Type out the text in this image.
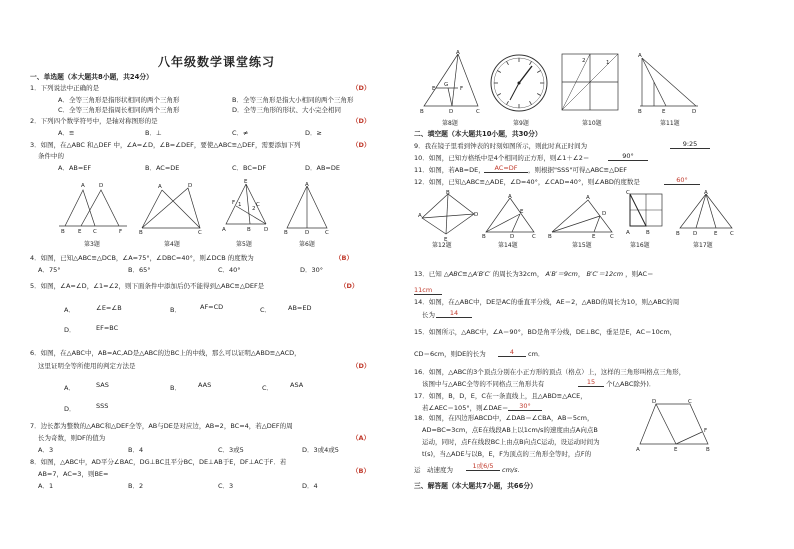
八年级数学课堂练习
一、单选题（本大题共8小题，共24分）
1．下列说法中正确的是	（D）
A．全等三角形是指形状相同的两个三角形	B．全等三角形是指大小相同的两个三角形
C．全等三角形是指周长相同的两个三角形	D．全等三角形的形状、大小完全相同
2．下列四个数学符号中，是轴对称图形的是	（D）
A．≌	B．⊥	C．≠	D．≥
3．如图，在△ABC 和△DEF 中，∠A=∠D，∠B=∠DEF，要使△ABC≌△DEF，需要添加下列	（D）
条件中的
A．AB=EF	B．AC=DE	C．BC=DF	D．AB=DE
A	D
B E C	F
A	D
B	C
E
F 1
2
C
A	B D
A
B	D	C
第3题	第4题	第5题	第6题
4．如图，已知△ABC≌△DCB，∠A=75°，∠DBC=40°，则∠DCB 的度数为	（B）
A．75°	B．65°	C．40°	D．30°
5．如图，∠A=∠D，∠1=∠2，则下面条件中添加后仍不能得到△ABC≌△DEF是	（D）
A．	∠E=∠B	B．	AF=CD	C．	AB=ED
D．	EF=BC
6．如图，在△ABC中，AB=AC,AD是△ABC的边BC上的中线，那么可以证明△ABD≌△ACD，
这里证明全等所使用的判定方法是	（D）
A．	SAS	B．	AAS	C．	ASA
D．	SSS
7．边长都为整数的△ABC和△DEF全等，AB与DE是对应边，AB=2，BC=4，若△DEF的周
长为奇数，则DF的值为	（A）
A．3	B．4	C．3或5	D．3或4或5
8．如图，△ABC中，AD平分∠BAC，DG⊥BC且平分BC，DE⊥AB于E，DF⊥AC于F．若
AB=7，AC=3，则BE=	（B）
A．1	B．2	C．3	D．4
A
G
F
E
B	D	C
1
2
A
B	E	D
第8题	第9题	第10题	第11题
二、填空题（本大题共10小题，共30分）
9．我在镜子里看到钟表的时刻如图所示，则此时真正时间为	9:25
10．如图，已知方格纸中是4个相同的正方形，则∠1＋∠2＝	90°
11．如图，若AB=DE，	AC=DF	，则根据"SSS"可得△ABC≌△DEF
12．如图，已知△ABC≌△ADE，∠D=40°，∠CAD=40°，则∠ABD的度数是	60°
B
A	D
E
A
E
B	D	C
A
D
B	E	C
C
A	B
A
B D	E C
第12题	第14题	第15题	第16题	第17题
13．已知 △ABC≌△A′B′C′ 的周长为32cm， A′B′＝9cm， B′C′＝12cm ，则AC＝
11cm
14．如图，在△ABC中，DE是AC的垂直平分线，AE＝2，△ABD的周长为10，则△ABC的周
长为	14
15．如图所示，△ABC中，∠A＝90°，BD是角平分线，DE⊥BC，垂足是E，AC＝10cm，
CD＝6cm，则DE的长为	4	cm．
16．如图，△ABC的3个顶点分别在小正方形的顶点（格点）上，这样的三角形叫格点三角形，
该图中与△ABC全等的不同格点三角形共有	15	个(△ABC除外)．
17．如图，B，D，E，C在一条直线上，且△ABD≌△ACE，
若∠AEC＝105°，则∠DAE＝	30°
18．如图，在四边形ABCD中，∠DAB＝∠CBA，AB＝5cm，
AD=BC=3cm，点E在线段AB上以1cm/s的速度由点A向点B
运动，同时，点F在线段BC上由点B向点C运动，设运动时间为
t(s)，当△ADE与以B，E，F为顶点的三角形全等时，点F的
运　动速度为	1或6/5	cm/s．
D	C
F
A	E	B
三、解答题（本大题共7小题，共66分）
